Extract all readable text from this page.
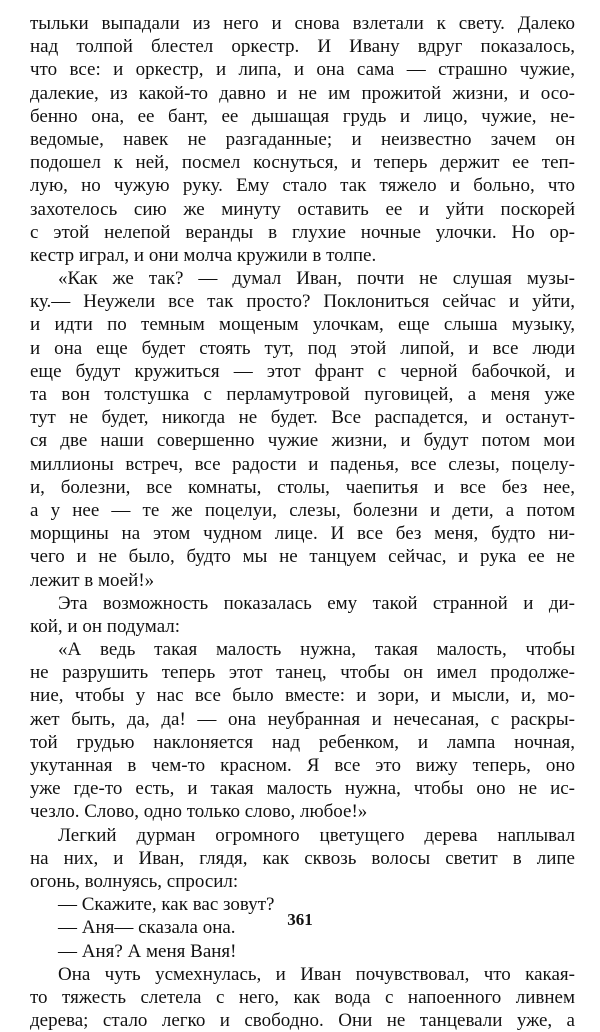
тыльки выпадали из него и снова взлетали к свету. Далеко
над толпой блестел оркестр. И Ивану вдруг показалось,
что все: и оркестр, и липа, и она сама — страшно чужие,
далекие, из какой-то давно и не им прожитой жизни, и осо-
бенно она, ее бант, ее дышащая грудь и лицо, чужие, не-
ведомые, навек не разгаданные; и неизвестно зачем он
подошел к ней, посмел коснуться, и теперь держит ее теп-
лую, но чужую руку. Ему стало так тяжело и больно, что
захотелось сию же минуту оставить ее и уйти поскорей
с этой нелепой веранды в глухие ночные улочки. Но ор-
кестр играл, и они молча кружили в толпе.
«Как же так? — думал Иван, почти не слушая музы-
ку.— Неужели все так просто? Поклониться сейчас и уйти,
и идти по темным мощеным улочкам, еще слыша музыку,
и она еще будет стоять тут, под этой липой, и все люди
еще будут кружиться — этот франт с черной бабочкой, и
та вон толстушка с перламутровой пуговицей, а меня уже
тут не будет, никогда не будет. Все распадется, и останут-
ся две наши совершенно чужие жизни, и будут потом мои
миллионы встреч, все радости и паденья, все слезы, поцелу-
и, болезни, все комнаты, столы, чаепитья и все без нее,
а у нее — те же поцелуи, слезы, болезни и дети, а потом
морщины на этом чудном лице. И все без меня, будто ни-
чего и не было, будто мы не танцуем сейчас, и рука ее не
лежит в моей!»
Эта возможность показалась ему такой странной и ди-
кой, и он подумал:
«А ведь такая малость нужна, такая малость, чтобы
не разрушить теперь этот танец, чтобы он имел продолже-
ние, чтобы у нас все было вместе: и зори, и мысли, и, мо-
жет быть, да, да! — она неубранная и нечесаная, с раскры-
той грудью наклоняется над ребенком, и лампа ночная,
укутанная в чем-то красном. Я все это вижу теперь, оно
уже где-то есть, и такая малость нужна, чтобы оно не ис-
чезло. Слово, одно только слово, любое!»
Легкий дурман огромного цветущего дерева наплывал
на них, и Иван, глядя, как сквозь волосы светит в липе
огонь, волнуясь, спросил:
— Скажите, как вас зовут?
— Аня— сказала она.
— Аня? А меня Ваня!
Она чуть усмехнулась, и Иван почувствовал, что какая-
то тяжесть слетела с него, как вода с напоенного ливнем
дерева; стало легко и свободно. Они не танцевали уже, а
361
